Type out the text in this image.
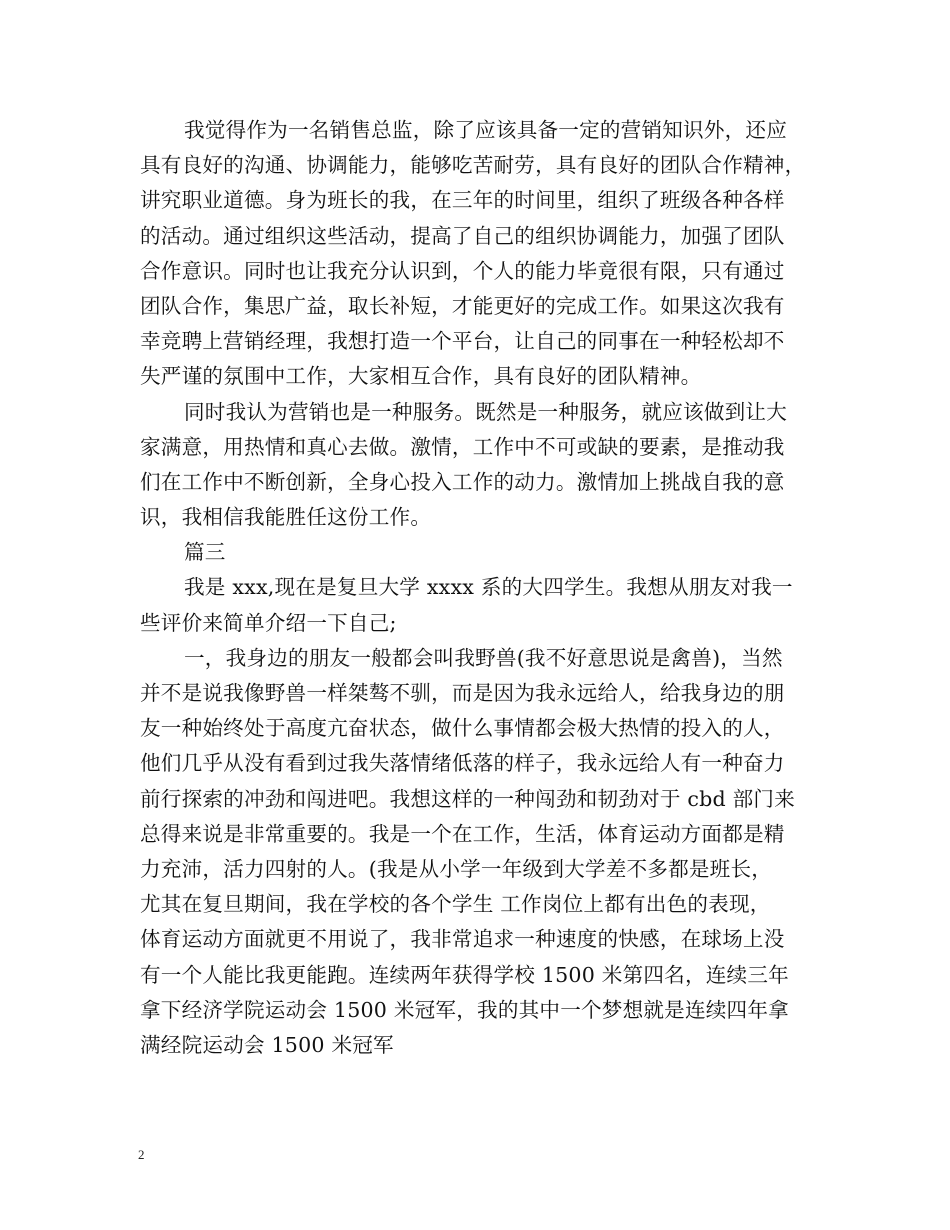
我觉得作为一名销售总监，除了应该具备一定的营销知识外，还应
具有良好的沟通、协调能力，能够吃苦耐劳，具有良好的团队合作精神，
讲究职业道德。身为班长的我，在三年的时间里，组织了班级各种各样
的活动。通过组织这些活动，提高了自己的组织协调能力，加强了团队
合作意识。同时也让我充分认识到，个人的能力毕竟很有限，只有通过
团队合作，集思广益，取长补短，才能更好的完成工作。如果这次我有
幸竞聘上营销经理，我想打造一个平台，让自己的同事在一种轻松却不
失严谨的氛围中工作，大家相互合作，具有良好的团队精神。
同时我认为营销也是一种服务。既然是一种服务，就应该做到让大
家满意，用热情和真心去做。激情，工作中不可或缺的要素，是推动我
们在工作中不断创新，全身心投入工作的动力。激情加上挑战自我的意
识，我相信我能胜任这份工作。
篇三
我是 xxx,现在是复旦大学 xxxx 系的大四学生。我想从朋友对我一
些评价来简单介绍一下自己;
一，我身边的朋友一般都会叫我野兽(我不好意思说是禽兽)，当然
并不是说我像野兽一样桀骜不驯，而是因为我永远给人，给我身边的朋
友一种始终处于高度亢奋状态，做什么事情都会极大热情的投入的人，
他们几乎从没有看到过我失落情绪低落的样子，我永远给人有一种奋力
前行探索的冲劲和闯进吧。我想这样的一种闯劲和韧劲对于 cbd 部门来
总得来说是非常重要的。我是一个在工作，生活，体育运动方面都是精
力充沛，活力四射的人。(我是从小学一年级到大学差不多都是班长，
尤其在复旦期间，我在学校的各个学生 工作岗位上都有出色的表现，
体育运动方面就更不用说了，我非常追求一种速度的快感，在球场上没
有一个人能比我更能跑。连续两年获得学校 1500 米第四名，连续三年
拿下经济学院运动会 1500 米冠军，我的其中一个梦想就是连续四年拿
满经院运动会 1500 米冠军
2
